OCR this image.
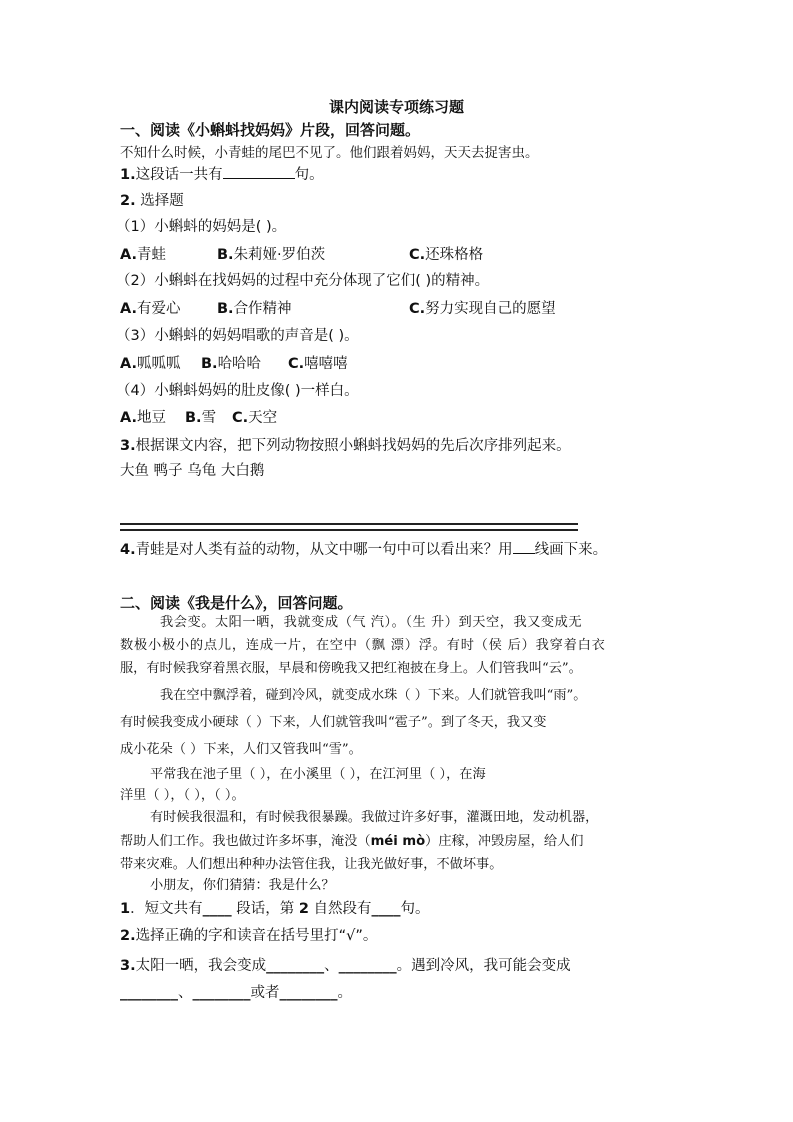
课内阅读专项练习题
一、阅读《小蝌蚪找妈妈》片段，回答问题。
不知什么时候，小青蛙的尾巴不见了。他们跟着妈妈，天天去捉害虫。
1.这段话一共有	句。
2. 选择题
（1）小蝌蚪的妈妈是( )。
A.青蛙	B.朱莉娅·罗伯茨	C.还珠格格
（2）小蝌蚪在找妈妈的过程中充分体现了它们( )的精神。
A.有爱心	B.合作精神	C.努力实现自己的愿望
（3）小蝌蚪的妈妈唱歌的声音是( )。
A.呱呱呱 B.哈哈哈 C.嘻嘻嘻
（4）小蝌蚪妈妈的肚皮像( )一样白。
A.地豆 B.雪 C.天空
3.根据课文内容，把下列动物按照小蝌蚪找妈妈的先后次序排列起来。
大鱼 鸭子 乌龟 大白鹅
4.青蛙是对人类有益的动物，从文中哪一句中可以看出来？用 线画下来。
二、阅读《我是什么》，回答问题。
我会变。太阳一晒，我就变成（气 汽）。（生 升）到天空，我又变成无
数极小极小的点儿，连成一片，在空中（飘 漂）浮。有时（侯 后）我穿着白衣
服，有时候我穿着黑衣服，早晨和傍晚我又把红袍披在身上。人们管我叫“云”。
我在空中飘浮着，碰到冷风，就变成水珠（ ）下来。人们就管我叫“雨”。
有时候我变成小硬球（ ）下来，人们就管我叫“雹子”。到了冬天，我又变
成小花朵（ ）下来，人们又管我叫“雪”。
平常我在池子里（ ），在小溪里（ ），在江河里（ ），在海
洋里（ ），（ ），（ ）。
有时候我很温和，有时候我很暴躁。我做过许多好事，灌溉田地，发动机器，
帮助人们工作。我也做过许多坏事，淹没（méi mò）庄稼，冲毁房屋，给人们
带来灾难。人们想出种种办法管住我，让我光做好事，不做坏事。
小朋友，你们猜猜：我是什么？
1．短文共有____ 段话，第 2 自然段有____句。
2.选择正确的字和读音在括号里打“√”。
3.太阳一晒，我会变成________、________。遇到冷风，我可能会变成
________、________或者________。
